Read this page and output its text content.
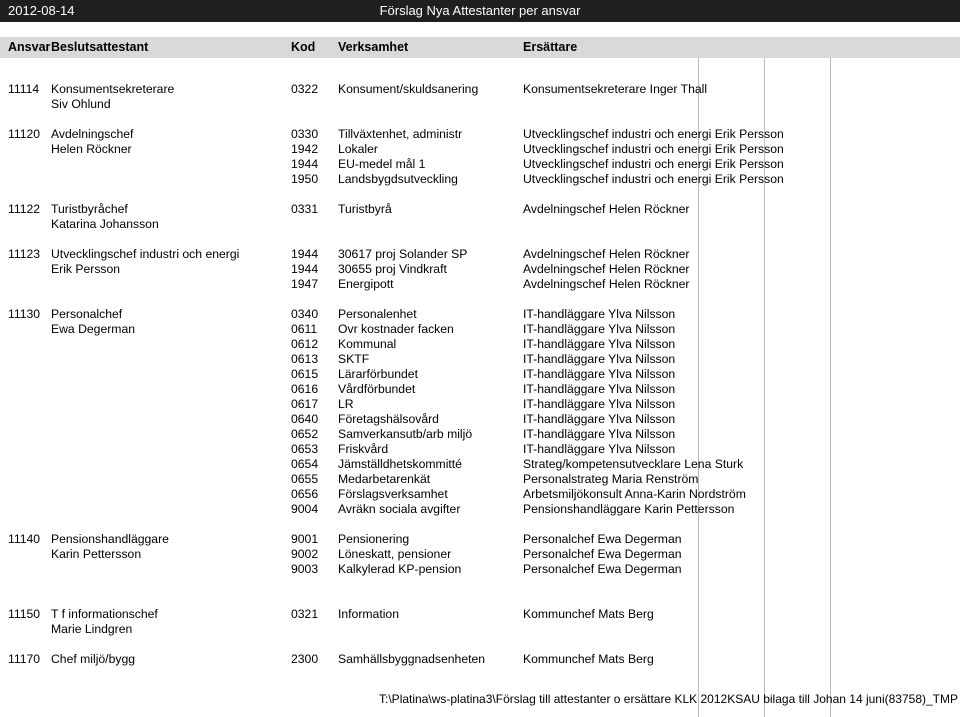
2012-08-14	Förslag Nya Attestanter per ansvar
Ansvar Beslutsattestant	Kod Verksamhet	Ersättare
11114 Konsumentsekreterare	0322 Konsument/skuldsanering	Konsumentsekreterare Inger Thall
Siv Ohlund
11120 Avdelningschef	0330 Tillväxtenhet, administr	Utvecklingschef industri och energi Erik Persson
Helen Röckner	1942 Lokaler	Utvecklingschef industri och energi Erik Persson
1944 EU-medel mål 1	Utvecklingschef industri och energi Erik Persson
1950 Landsbygdsutveckling	Utvecklingschef industri och energi Erik Persson
11122 Turistbyråchef	0331 Turistbyrå	Avdelningschef Helen Röckner
Katarina Johansson
11123 Utvecklingschef industri och energi	1944 30617 proj Solander SP	Avdelningschef Helen Röckner
Erik Persson	1944 30655 proj Vindkraft	Avdelningschef Helen Röckner
1947 Energipott	Avdelningschef Helen Röckner
11130 Personalchef	0340 Personalenhet	IT-handläggare Ylva Nilsson
Ewa Degerman	0611 Ovr kostnader facken	IT-handläggare Ylva Nilsson
0612 Kommunal	IT-handläggare Ylva Nilsson
0613 SKTF	IT-handläggare Ylva Nilsson
0615 Lärarförbundet	IT-handläggare Ylva Nilsson
0616 Vårdförbundet	IT-handläggare Ylva Nilsson
0617 LR	IT-handläggare Ylva Nilsson
0640 Företagshälsovård	IT-handläggare Ylva Nilsson
0652 Samverkansutb/arb miljö	IT-handläggare Ylva Nilsson
0653 Friskvård	IT-handläggare Ylva Nilsson
0654 Jämställdhetskommitté	Strateg/kompetensutvecklare Lena Sturk
0655 Medarbetarenkät	Personalstrateg Maria Renström
0656 Förslagsverksamhet	Arbetsmiljökonsult Anna-Karin Nordström
9004 Avräkn sociala avgifter	Pensionshandläggare Karin Pettersson
11140 Pensionshandläggare	9001 Pensionering	Personalchef Ewa Degerman
Karin Pettersson	9002 Löneskatt, pensioner	Personalchef Ewa Degerman
9003 Kalkylerad KP-pension	Personalchef Ewa Degerman
11150 T f informationschef	0321 Information	Kommunchef Mats Berg
Marie Lindgren
11170 Chef miljö/bygg	2300 Samhällsbyggnadsenheten	Kommunchef Mats Berg
T:\Platina\ws-platina3\Förslag till attestanter o ersättare KLK 2012KSAU bilaga till Johan 14 juni(83758)_TMP
